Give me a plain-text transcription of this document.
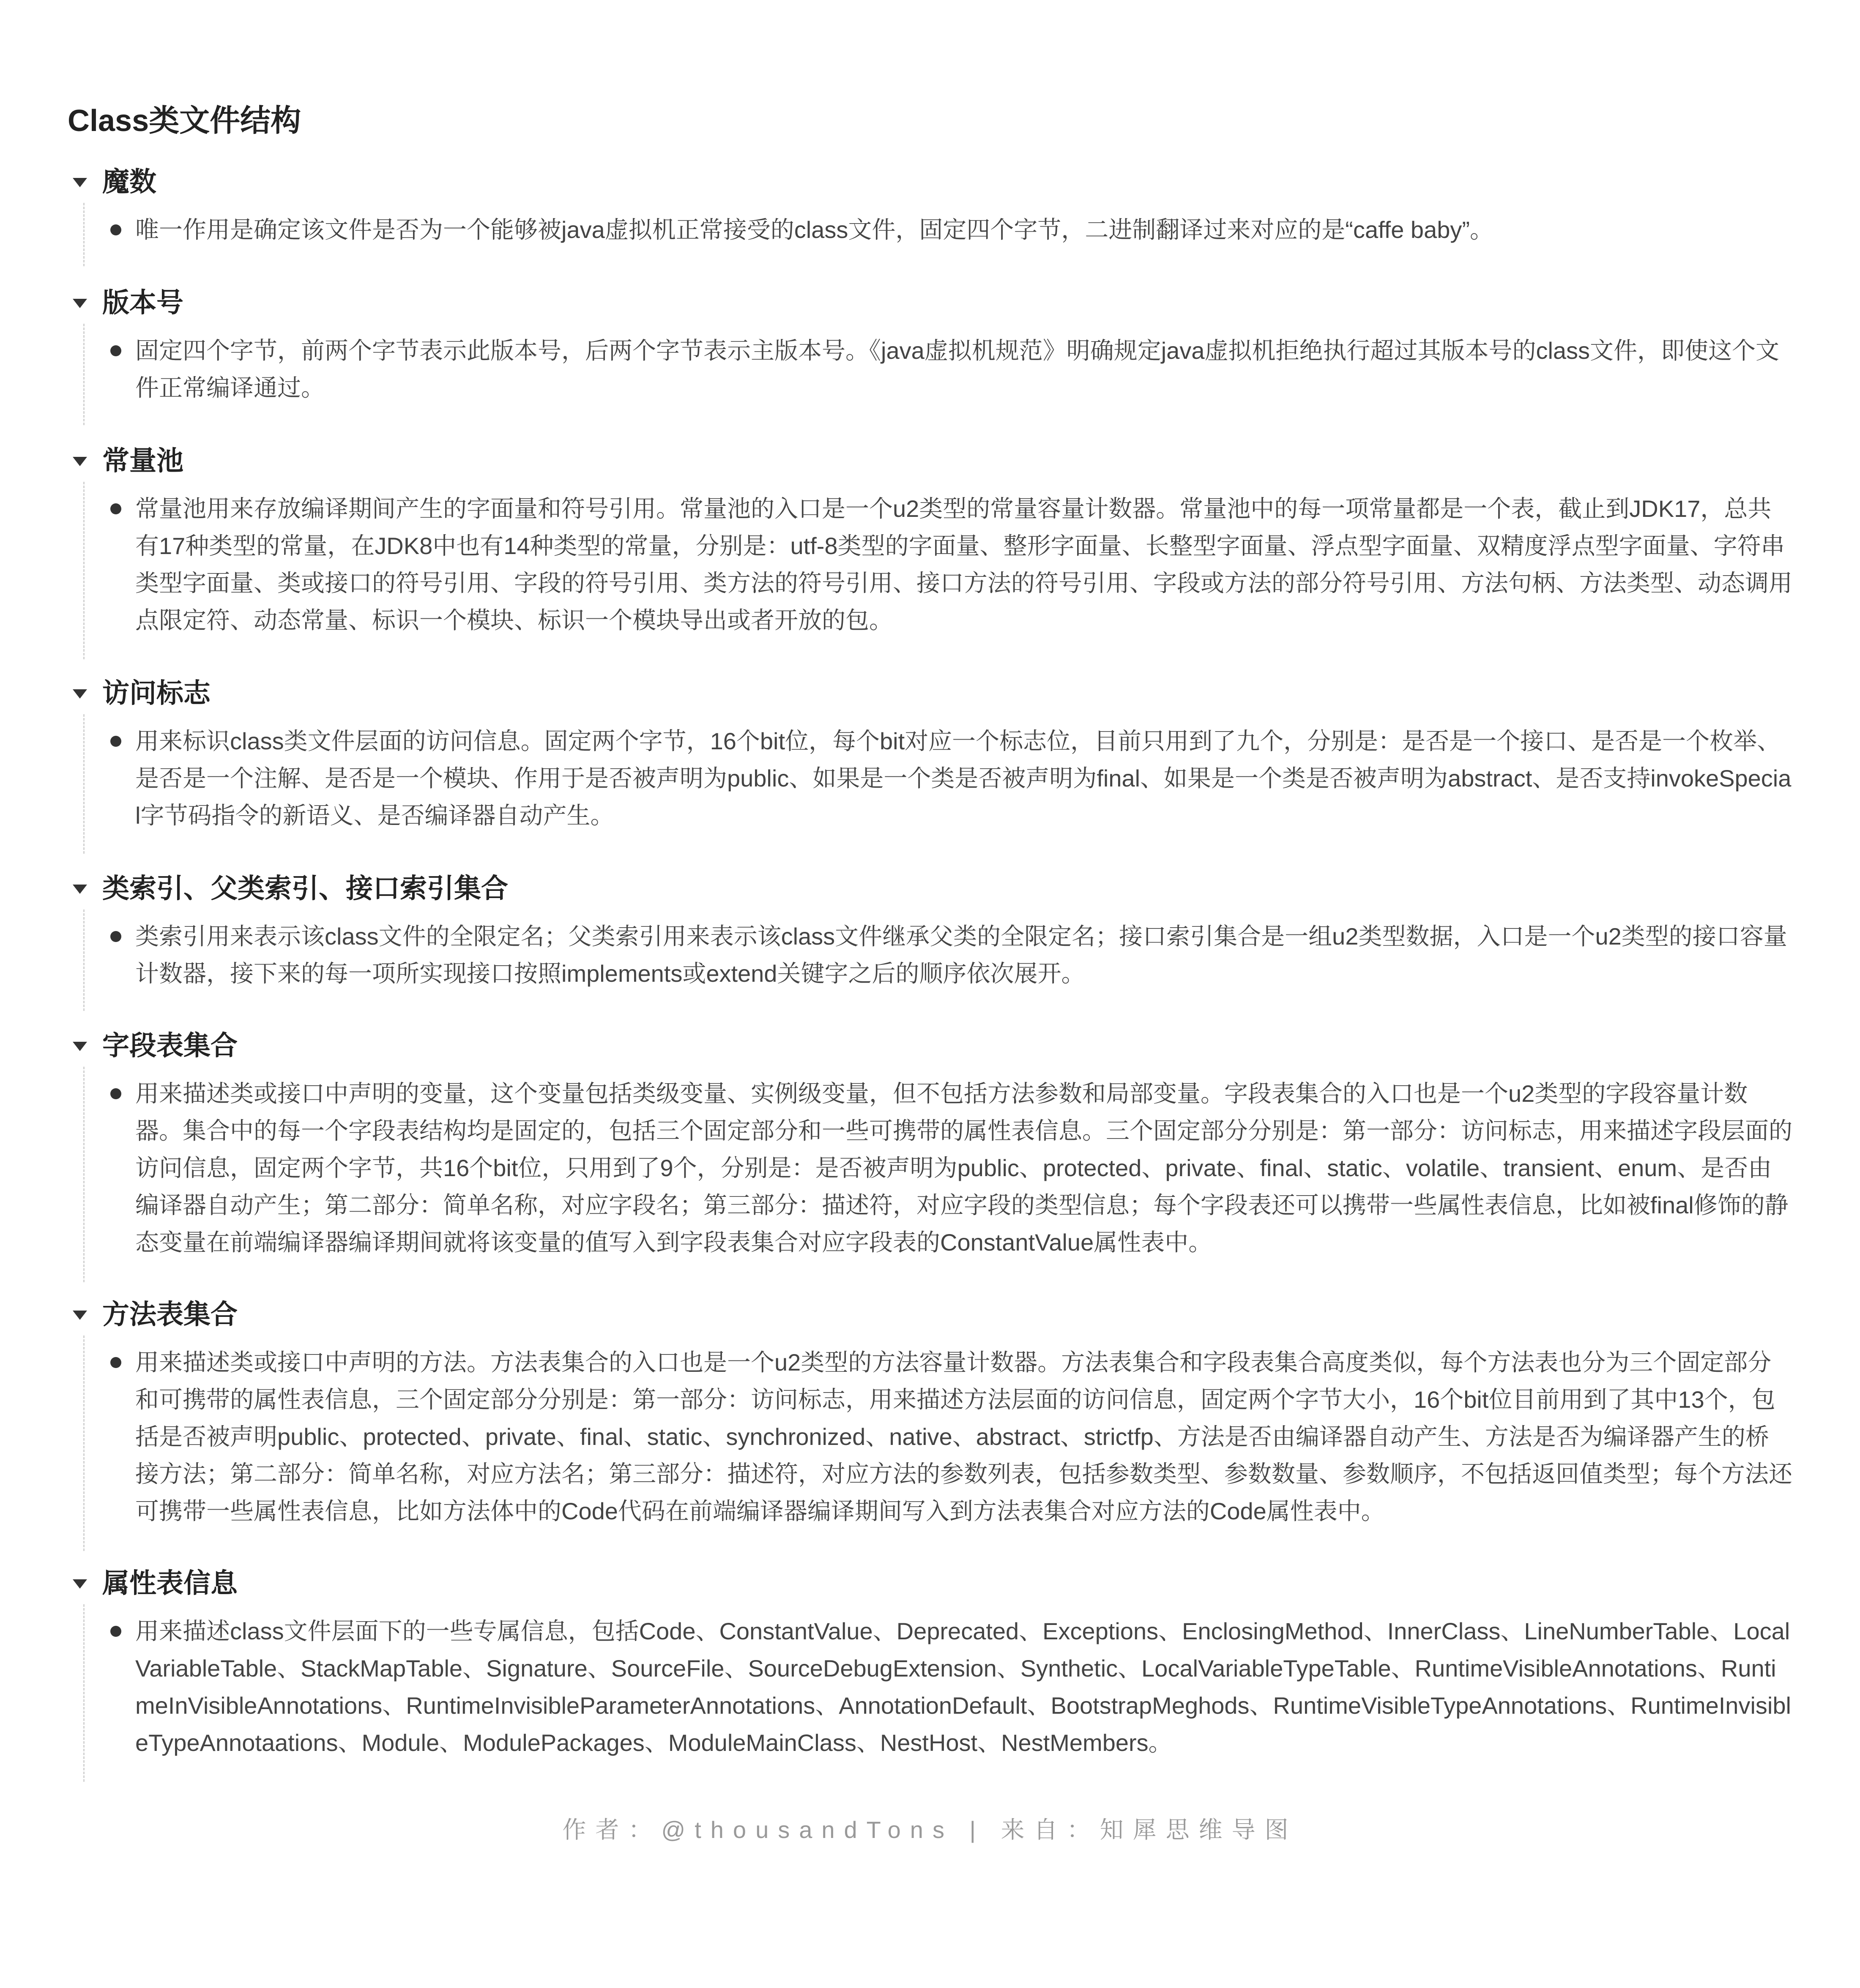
Class类文件结构
魔数
唯一作用是确定该文件是否为一个能够被java虚拟机正常接受的class文件，固定四个字节，二进制翻译过来对应的是“caffe baby”。
版本号
固定四个字节，前两个字节表示此版本号，后两个字节表示主版本号。《java虚拟机规范》明确规定java虚拟机拒绝执行超过其版本号的class文件，即使这个文件正常编译通过。
常量池
常量池用来存放编译期间产生的字面量和符号引用。常量池的入口是一个u2类型的常量容量计数器。常量池中的每一项常量都是一个表，截止到JDK17，总共有17种类型的常量，在JDK8中也有14种类型的常量，分别是：utf-8类型的字面量、整形字面量、长整型字面量、浮点型字面量、双精度浮点型字面量、字符串类型字面量、类或接口的符号引用、字段的符号引用、类方法的符号引用、接口方法的符号引用、字段或方法的部分符号引用、方法句柄、方法类型、动态调用点限定符、动态常量、标识一个模块、标识一个模块导出或者开放的包。
访问标志
用来标识class类文件层面的访问信息。固定两个字节，16个bit位，每个bit对应一个标志位，目前只用到了九个，分别是：是否是一个接口、是否是一个枚举、是否是一个注解、是否是一个模块、作用于是否被声明为public、如果是一个类是否被声明为final、如果是一个类是否被声明为abstract、是否支持invokeSpecial字节码指令的新语义、是否编译器自动产生。
类索引、父类索引、接口索引集合
类索引用来表示该class文件的全限定名；父类索引用来表示该class文件继承父类的全限定名；接口索引集合是一组u2类型数据，入口是一个u2类型的接口容量计数器，接下来的每一项所实现接口按照implements或extend关键字之后的顺序依次展开。
字段表集合
用来描述类或接口中声明的变量，这个变量包括类级变量、实例级变量，但不包括方法参数和局部变量。字段表集合的入口也是一个u2类型的字段容量计数器。集合中的每一个字段表结构均是固定的，包括三个固定部分和一些可携带的属性表信息。三个固定部分分别是：第一部分：访问标志，用来描述字段层面的访问信息，固定两个字节，共16个bit位，只用到了9个，分别是：是否被声明为public、protected、private、final、static、volatile、transient、enum、是否由编译器自动产生；第二部分：简单名称，对应字段名；第三部分：描述符，对应字段的类型信息；每个字段表还可以携带一些属性表信息，比如被final修饰的静态变量在前端编译器编译期间就将该变量的值写入到字段表集合对应字段表的ConstantValue属性表中。
方法表集合
用来描述类或接口中声明的方法。方法表集合的入口也是一个u2类型的方法容量计数器。方法表集合和字段表集合高度类似，每个方法表也分为三个固定部分和可携带的属性表信息，三个固定部分分别是：第一部分：访问标志，用来描述方法层面的访问信息，固定两个字节大小，16个bit位目前用到了其中13个，包括是否被声明public、protected、private、final、static、synchronized、native、abstract、strictfp、方法是否由编译器自动产生、方法是否为编译器产生的桥接方法；第二部分：简单名称，对应方法名；第三部分：描述符，对应方法的参数列表，包括参数类型、参数数量、参数顺序，不包括返回值类型；每个方法还可携带一些属性表信息，比如方法体中的Code代码在前端编译器编译期间写入到方法表集合对应方法的Code属性表中。
属性表信息
用来描述class文件层面下的一些专属信息，包括Code、ConstantValue、Deprecated、Exceptions、EnclosingMethod、InnerClass、LineNumberTable、LocalVariableTable、StackMapTable、Signature、SourceFile、SourceDebugExtension、Synthetic、LocalVariableTypeTable、RuntimeVisibleAnnotations、RuntimeInVisibleAnnotations、RuntimeInvisibleParameterAnnotations、AnnotationDefault、BootstrapMeghods、RuntimeVisibleTypeAnnotations、RuntimeInvisibleTypeAnnotaations、Module、ModulePackages、ModuleMainClass、NestHost、NestMembers。
作者：@thousandTons | 来自：知犀思维导图
